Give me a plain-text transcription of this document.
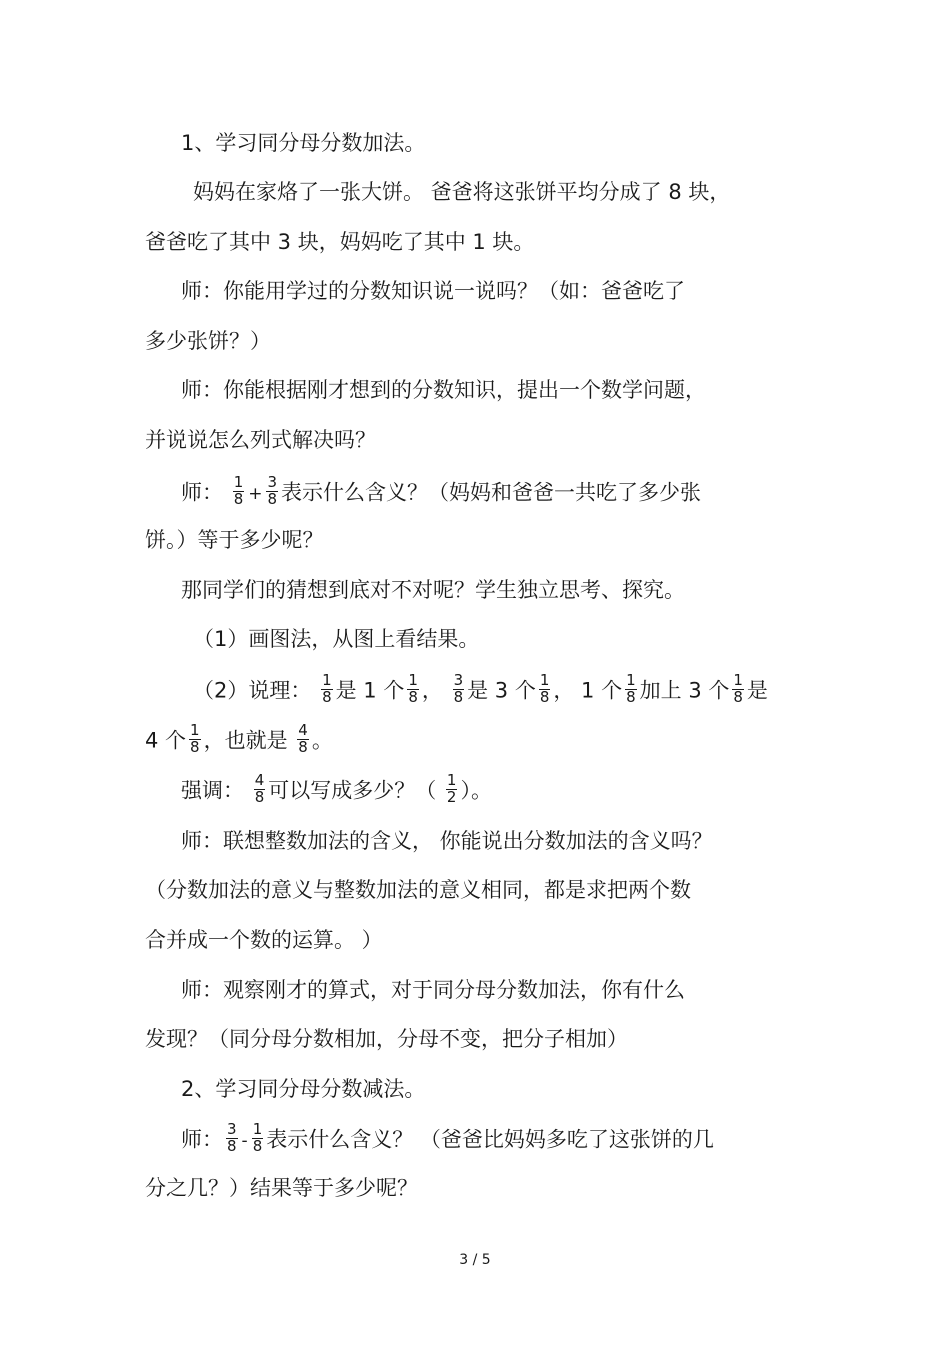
1、学习同分母分数加法。
妈妈在家烙了一张大饼。 爸爸将这张饼平均分成了 8 块，
爸爸吃了其中 3 块，妈妈吃了其中 1 块。
师：你能用学过的分数知识说一说吗？（如：爸爸吃了
多少张饼？）
师：你能根据刚才想到的分数知识，提出一个数学问题，
并说说怎么列式解决吗？
师： $\frac{1}{8} + \frac{3}{8}$ 表示什么含义？（妈妈和爸爸一共吃了多少张
饼。）等于多少呢？
那同学们的猜想到底对不对呢？学生独立思考、探究。
（1）画图法，从图上看结果。
（2）说理： $\frac{1}{8}$ 是 1 个 $\frac{1}{8}$ ， $\frac{3}{8}$ 是 3 个 $\frac{1}{8}$ ， 1 个 $\frac{1}{8}$ 加上 3 个 $\frac{1}{8}$ 是
4 个 $\frac{1}{8}$ ，也就是 $\frac{4}{8}$ 。
强调： $\frac{4}{8}$ 可以写成多少？（ $\frac{1}{2}$ ）。
师：联想整数加法的含义， 你能说出分数加法的含义吗？
（分数加法的意义与整数加法的意义相同，都是求把两个数
合并成一个数的运算。 ）
师：观察刚才的算式，对于同分母分数加法，你有什么
发现？（同分母分数相加，分母不变，把分子相加）
2、学习同分母分数减法。
师： $\frac{3}{8} - \frac{1}{8}$ 表示什么含义？ （爸爸比妈妈多吃了这张饼的几
分之几？）结果等于多少呢？
3 / 5
